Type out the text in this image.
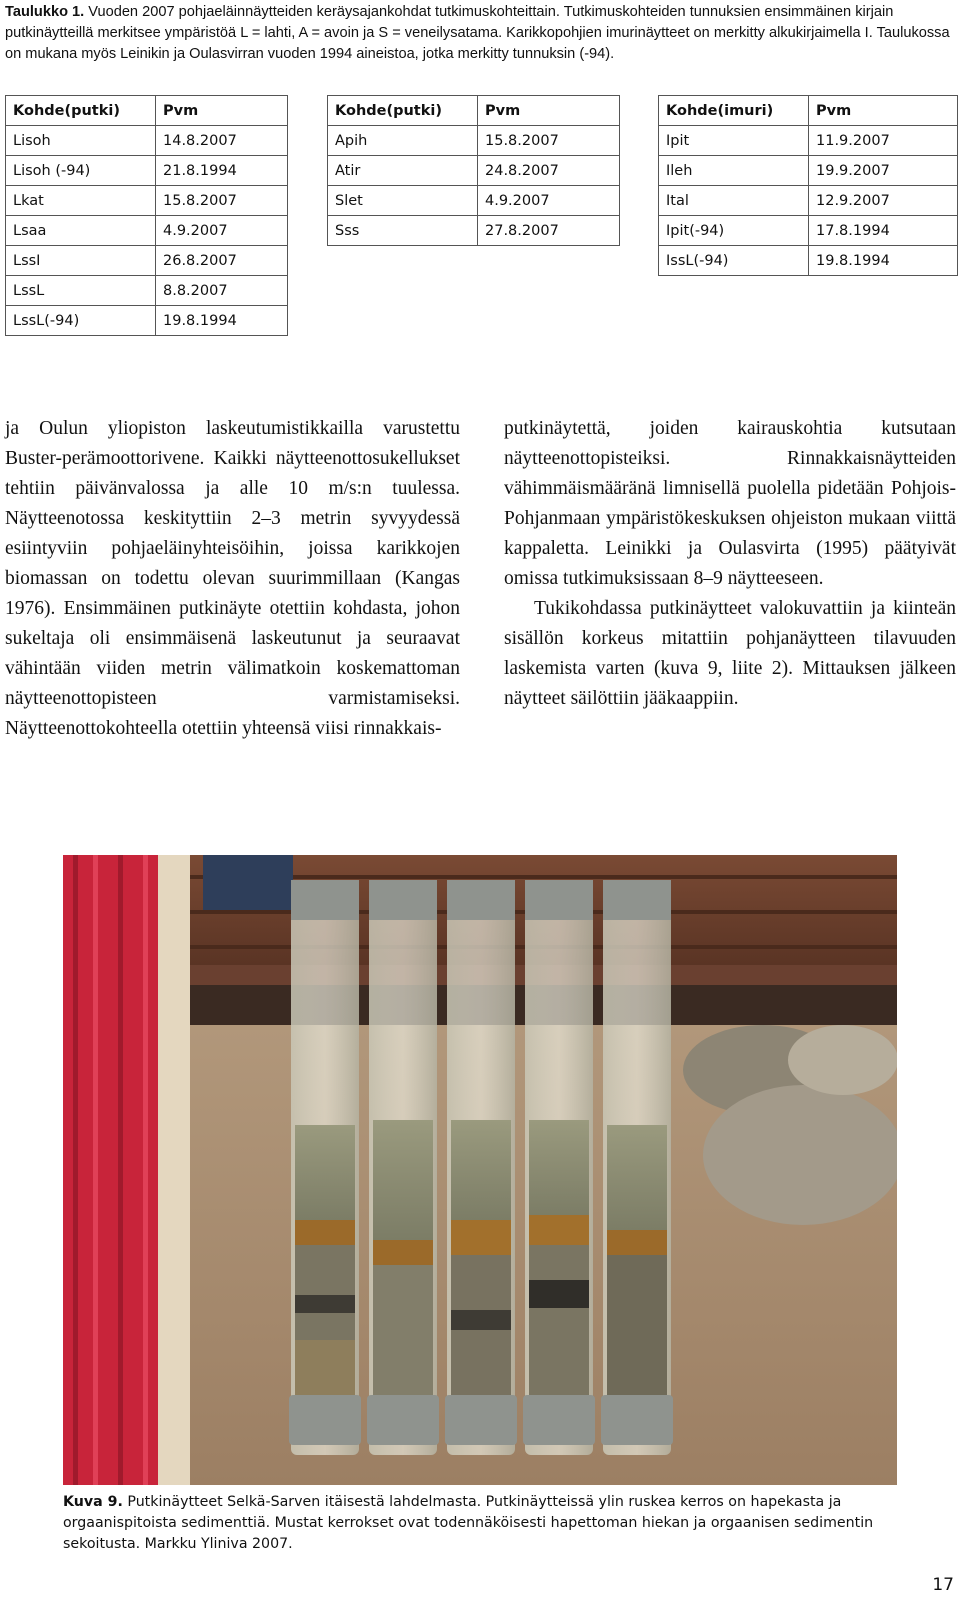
Taulukko 1. Vuoden 2007 pohjaeläinnäytteiden keräysajankohdat tutkimuskohteittain. Tutkimuskohteiden tunnuksien ensimmäinen kirjain putkinäytteillä merkitsee ympäristöä L = lahti, A = avoin ja S = veneilysatama. Karikkopohjien imurinäytteet on merkitty alkukirjaimella I. Taulukossa on mukana myös Leinikin ja Oulasvirran vuoden 1994 aineistoa, jotka merkitty tunnuksin (-94).
Kohde(putki)	Pvm
Lisoh	14.8.2007
Lisoh (-94)	21.8.1994
Lkat	15.8.2007
Lsaa	4.9.2007
LssI	26.8.2007
LssL	8.8.2007
LssL(-94)	19.8.1994
Kohde(putki)	Pvm
Apih	15.8.2007
Atir	24.8.2007
Slet	4.9.2007
Sss	27.8.2007
Kohde(imuri)	Pvm
Ipit	11.9.2007
Ileh	19.9.2007
Ital	12.9.2007
Ipit(-94)	17.8.1994
IssL(-94)	19.8.1994
ja Oulun yliopiston laskeutumistikkailla varustettu Buster-perämoottorivene. Kaikki näytteenottosukellukset tehtiin päivänvalossa ja alle 10 m/s:n tuulessa. Näytteenotossa keskityttiin 2–3 metrin syvyydessä esiintyviin pohjaeläinyhteisöihin, joissa karikkojen biomassan on todettu olevan suurimmillaan (Kangas 1976). Ensimmäinen putkinäyte otettiin kohdasta, johon sukeltaja oli ensimmäisenä laskeutunut ja seuraavat vähintään viiden metrin välimatkoin koskemattoman näytteenottopisteen varmistamiseksi. Näytteenottokohteella otettiin yhteensä viisi rinnakkais-

putkinäytettä, joiden kairauskohtia kutsutaan näytteenottopisteiksi. Rinnakkaisnäytteiden vähimmäismääränä limnisellä puolella pidetään Pohjois-Pohjanmaan ympäristökeskuksen ohjeiston mukaan viittä kappaletta. Leinikki ja Oulasvirta (1995) päätyivät omissa tutkimuksissaan 8–9 näytteeseen.

Tukikohdassa putkinäytteet valokuvattiin ja kiinteän sisällön korkeus mitattiin pohjanäytteen tilavuuden laskemista varten (kuva 9, liite 2). Mittauksen jälkeen näytteet säilöttiin jääkaappiin.

Kuva 9. Putkinäytteet Selkä-Sarven itäisestä lahdelmasta. Putkinäytteissä ylin ruskea kerros on hapekasta ja orgaanispitoista sedimenttiä. Mustat kerrokset ovat todennäköisesti hapettoman hiekan ja orgaanisen sedimentin sekoitusta. Markku Yliniva 2007.
17
